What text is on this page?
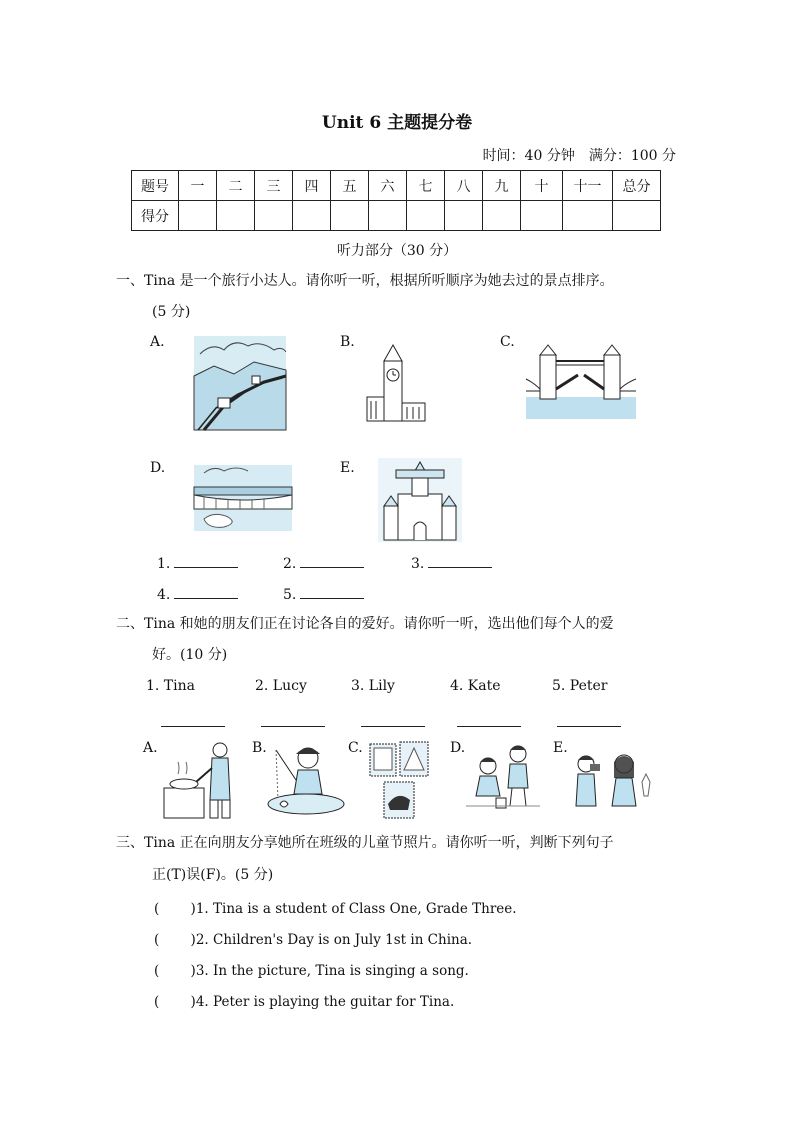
Unit 6 主题提分卷
时间：40 分钟　满分：100 分
题号	一	二	三	四	五	六	七	八	九	十	十一	总分
得分												
听力部分（30 分）
一、Tina 是一个旅行小达人。请你听一听，根据所听顺序为她去过的景点排序。
(5 分)
A.	B.	C.
D.	E.
1.	2.	3.
4.	5.
二、Tina 和她的朋友们正在讨论各自的爱好。请你听一听，选出他们每个人的爱
好。(10 分)
1. Tina	2. Lucy	3. Lily	4. Kate	5. Peter
A.	B.	C.	D.	E.
三、Tina 正在向朋友分享她所在班级的儿童节照片。请你听一听，判断下列句子
正(T)误(F)。(5 分)
( 　　)1. Tina is a student of Class One, Grade Three.
( 　　)2. Children's Day is on July 1st in China.
( 　　)3. In the picture, Tina is singing a song.
( 　　)4. Peter is playing the guitar for Tina.
